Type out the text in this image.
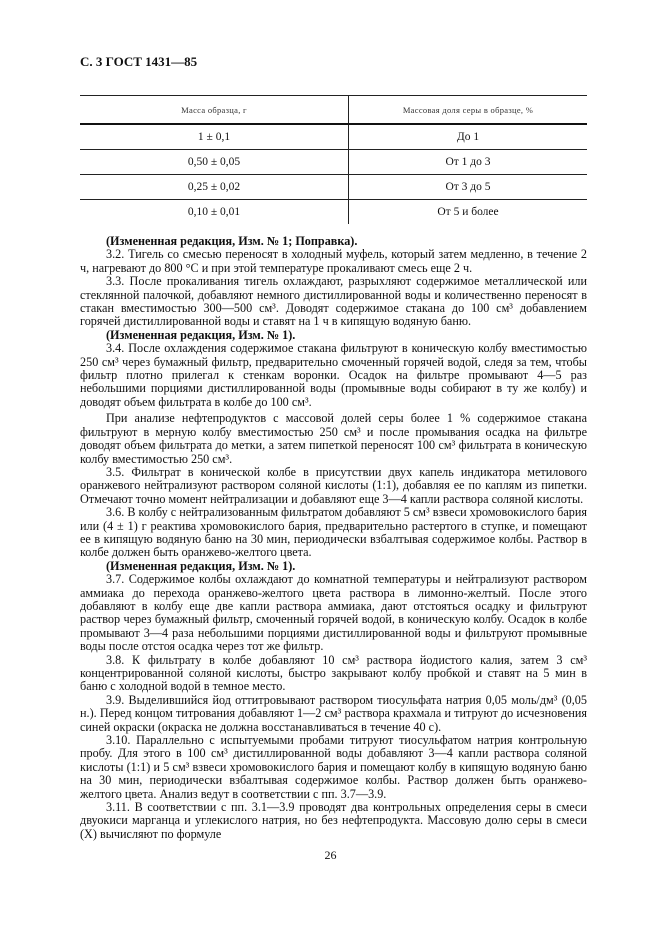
С. 3 ГОСТ 1431—85
Масса образца, г	Массовая доля серы в образце, %
1 ± 0,1	До 1
0,50 ± 0,05	От 1 до 3
0,25 ± 0,02	От 3 до 5
0,10 ± 0,01	От 5 и более

(Измененная редакция, Изм. № 1; Поправка).

3.2. Тигель со смесью переносят в холодный муфель, который затем медленно, в течение 2 ч, нагревают до 800 °С и при этой температуре прокаливают смесь еще 2 ч.

3.3. После прокаливания тигель охлаждают, разрыхляют содержимое металлической или стеклянной палочкой, добавляют немного дистиллированной воды и количественно переносят в стакан вместимостью 300—500 см³. Доводят содержимое стакана до 100 см³ добавлением горячей дистиллированной воды и ставят на 1 ч в кипящую водяную баню.

(Измененная редакция, Изм. № 1).

3.4. После охлаждения содержимое стакана фильтруют в коническую колбу вместимостью 250 см³ через бумажный фильтр, предварительно смоченный горячей водой, следя за тем, чтобы фильтр плотно прилегал к стенкам воронки. Осадок на фильтре промывают 4—5 раз небольшими порциями дистиллированной воды (промывные воды собирают в ту же колбу) и доводят объем фильтрата в колбе до 100 см³.

При анализе нефтепродуктов с массовой долей серы более 1 % содержимое стакана фильтруют в мерную колбу вместимостью 250 см³ и после промывания осадка на фильтре доводят объем фильтрата до метки, а затем пипеткой переносят 100 см³ фильтрата в коническую колбу вместимостью 250 см³.

3.5. Фильтрат в конической колбе в присутствии двух капель индикатора метилового оранжевого нейтрализуют раствором соляной кислоты (1:1), добавляя ее по каплям из пипетки. Отмечают точно момент нейтрализации и добавляют еще 3—4 капли раствора соляной кислоты.

3.6. В колбу с нейтрализованным фильтратом добавляют 5 см³ взвеси хромовокислого бария или (4 ± 1) г реактива хромовокислого бария, предварительно растертого в ступке, и помещают ее в кипящую водяную баню на 30 мин, периодически взбалтывая содержимое колбы. Раствор в колбе должен быть оранжево-желтого цвета.

(Измененная редакция, Изм. № 1).

3.7. Содержимое колбы охлаждают до комнатной температуры и нейтрализуют раствором аммиака до перехода оранжево-желтого цвета раствора в лимонно-желтый. После этого добавляют в колбу еще две капли раствора аммиака, дают отстояться осадку и фильтруют раствор через бумажный фильтр, смоченный горячей водой, в коническую колбу. Осадок в колбе промывают 3—4 раза небольшими порциями дистиллированной воды и фильтруют промывные воды после отстоя осадка через тот же фильтр.

3.8. К фильтрату в колбе добавляют 10 см³ раствора йодистого калия, затем 3 см³ концентрированной соляной кислоты, быстро закрывают колбу пробкой и ставят на 5 мин в баню с холодной водой в темное место.

3.9. Выделившийся йод оттитровывают раствором тиосульфата натрия 0,05 моль/дм³ (0,05 н.). Перед концом титрования добавляют 1—2 см³ раствора крахмала и титруют до исчезновения синей окраски (окраска не должна восстанавливаться в течение 40 с).

3.10. Параллельно с испытуемыми пробами титруют тиосульфатом натрия контрольную пробу. Для этого в 100 см³ дистиллированной воды добавляют 3—4 капли раствора соляной кислоты (1:1) и 5 см³ взвеси хромовокислого бария и помещают колбу в кипящую водяную баню на 30 мин, периодически взбалтывая содержимое колбы. Раствор должен быть оранжево-желтого цвета. Анализ ведут в соответствии с пп. 3.7—3.9.

3.11. В соответствии с пп. 3.1—3.9 проводят два контрольных определения серы в смеси двуокиси марганца и углекислого натрия, но без нефтепродукта. Массовую долю серы в смеси (X) вычисляют по формуле

26
